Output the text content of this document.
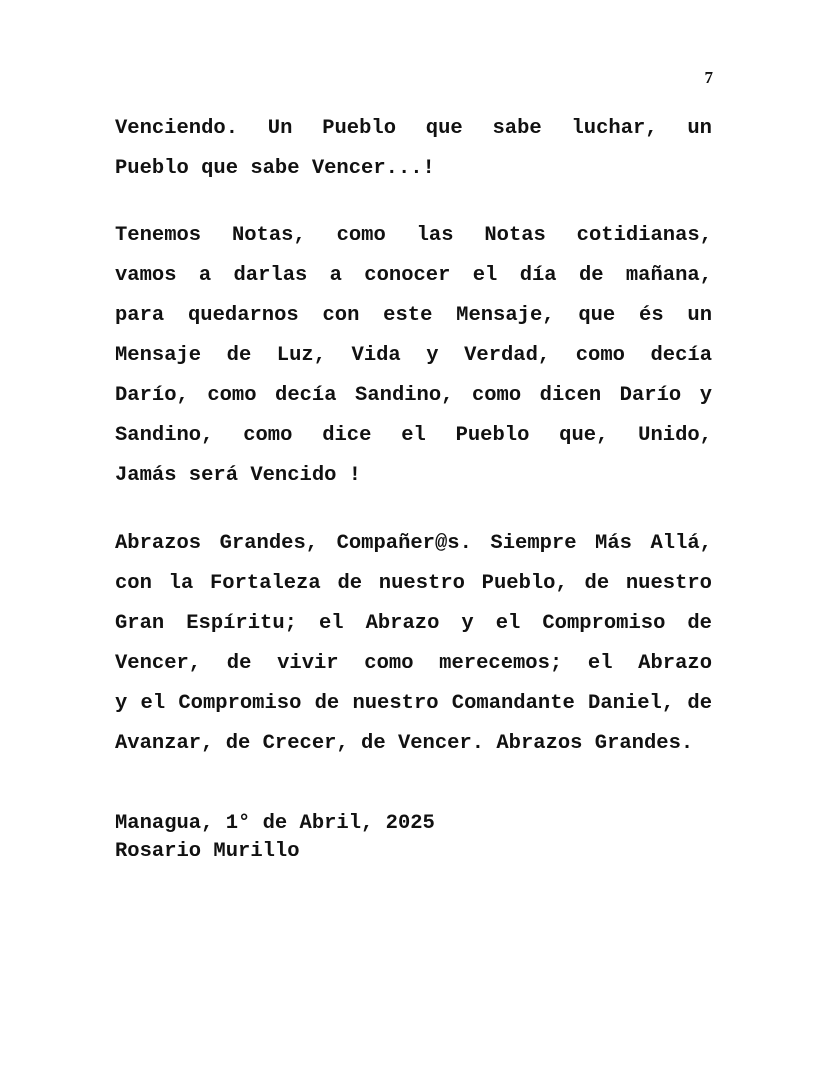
7
Venciendo. Un Pueblo que sabe luchar, un
Pueblo que sabe Vencer...!
Tenemos Notas, como las Notas cotidianas,
vamos a darlas a conocer el día de mañana,
para quedarnos con este Mensaje, que és un
Mensaje de Luz, Vida y Verdad, como decía
Darío, como decía Sandino, como dicen Darío y
Sandino, como dice el Pueblo que, Unido,
Jamás será Vencido !
Abrazos Grandes, Compañer@s. Siempre Más Allá,
con la Fortaleza de nuestro Pueblo, de nuestro
Gran Espíritu; el Abrazo y el Compromiso de
Vencer, de vivir como merecemos; el Abrazo
y el Compromiso de nuestro Comandante Daniel, de
Avanzar, de Crecer, de Vencer. Abrazos Grandes.
Managua, 1° de Abril, 2025
Rosario Murillo
